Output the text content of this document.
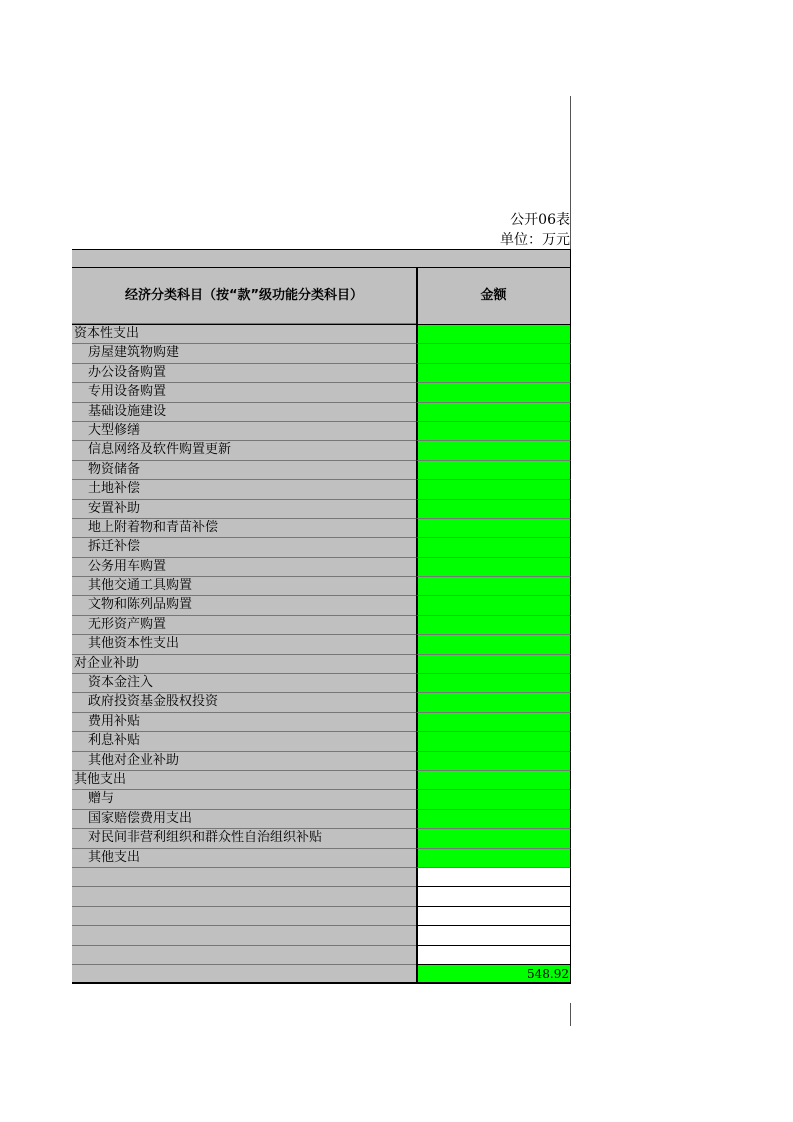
公开06表
单位：万元
经济分类科目（按“款”级功能分类科目）	金额
资本性支出
房屋建筑物购建
办公设备购置
专用设备购置
基础设施建设
大型修缮
信息网络及软件购置更新
物资储备
土地补偿
安置补助
地上附着物和青苗补偿
拆迁补偿
公务用车购置
其他交通工具购置
文物和陈列品购置
无形资产购置
其他资本性支出
对企业补助
资本金注入
政府投资基金股权投资
费用补贴
利息补贴
其他对企业补助
其他支出
赠与
国家赔偿费用支出
对民间非营利组织和群众性自治组织补贴
其他支出
548.92
